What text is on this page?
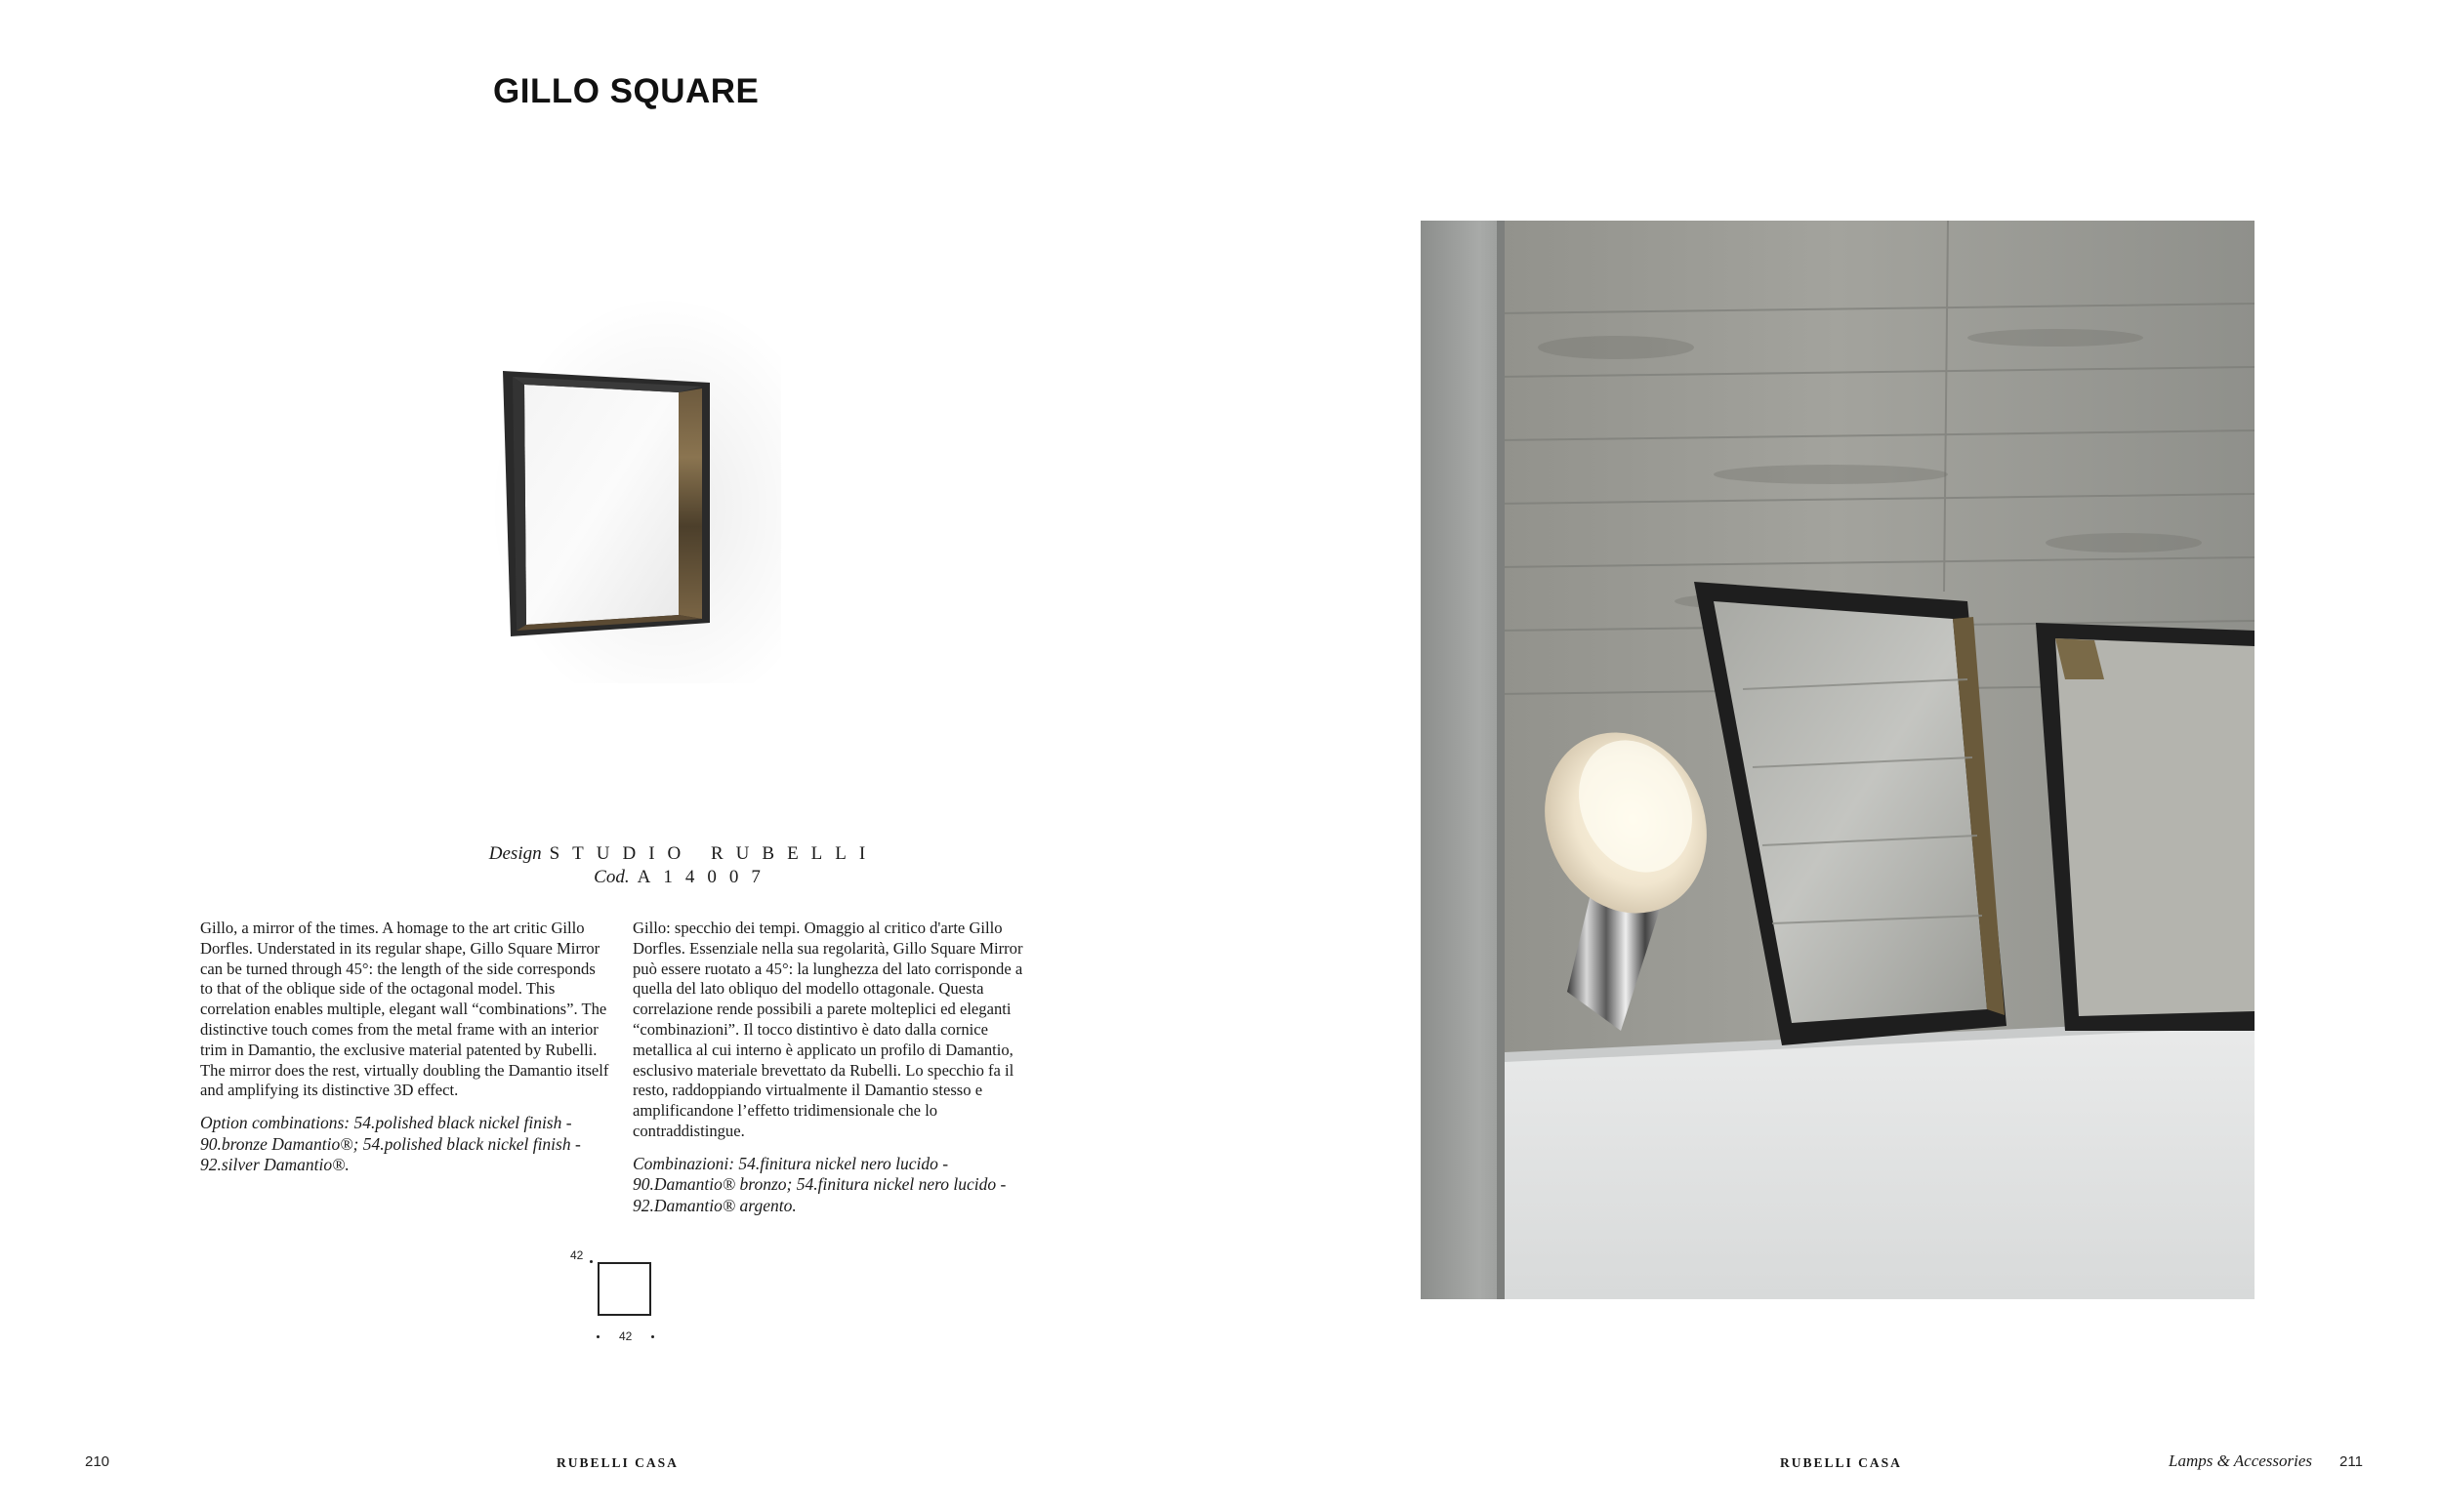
GILLO SQUARE
Design STUDIO RUBELLI
Cod. A14007

Gillo, a mirror of the times. A homage to the art critic Gillo Dorfles. Understated in its regular shape, Gillo Square Mirror can be turned through 45°: the length of the side corresponds to that of the oblique side of the octagonal model. This correlation enables multiple, elegant wall “combinations”. The distinctive touch comes from the metal frame with an interior trim in Damantio, the exclusive material patented by Rubelli. The mirror does the rest, virtually doubling the Damantio itself and amplifying its distinctive 3D effect.

Option combinations: 54.polished black nickel finish - 90.bronze Damantio®; 54.polished black nickel finish - 92.silver Damantio®.

Gillo: specchio dei tempi. Omaggio al critico d'arte Gillo Dorfles. Essenziale nella sua regolarità, Gillo Square Mirror può essere ruotato a 45°: la lunghezza del lato corrisponde a quella del lato obliquo del modello ottagonale. Questa correlazione rende possibili a parete molteplici ed eleganti “combinazioni”. Il tocco distintivo è dato dalla cornice metallica al cui interno è applicato un profilo di Damantio, esclusivo materiale brevettato da Rubelli. Lo specchio fa il resto, raddoppiando virtualmente il Damantio stesso e amplificandone l’effetto tridimensionale che lo contraddistingue.

Combinazioni: 54.finitura nickel nero lucido - 90.Damantio® bronzo; 54.finitura nickel nero lucido - 92.Damantio® argento.

42
42
210	RUBELLI CASA	RUBELLI CASA	Lamps & Accessories 211
